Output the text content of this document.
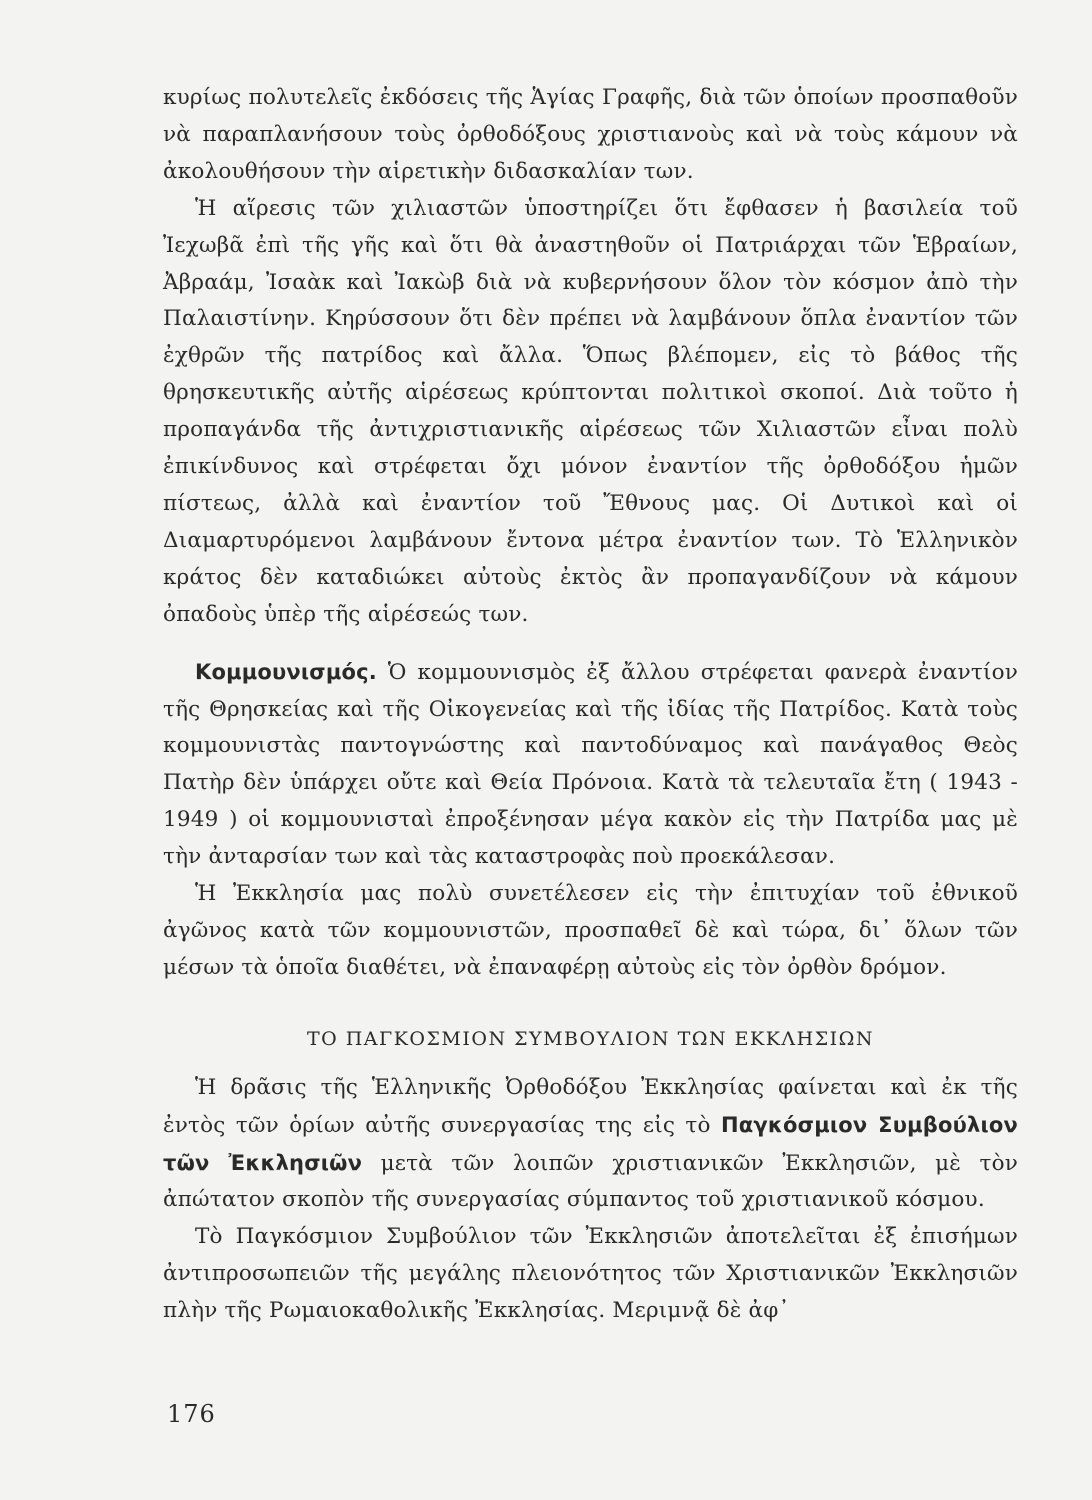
κυρίως πολυτελεῖς ἐκδόσεις τῆς Ἁγίας Γραφῆς, διὰ τῶν ὁποίων προσπαθοῦν νὰ παραπλανήσουν τοὺς ὀρθοδόξους χριστιανοὺς καὶ νὰ τοὺς κάμουν νὰ ἀκολουθήσουν τὴν αἱρετικὴν διδασκαλίαν των.

Ἡ αἵρεσις τῶν χιλιαστῶν ὑποστηρίζει ὅτι ἔφθασεν ἡ βασιλεία τοῦ Ἰεχωβᾶ ἐπὶ τῆς γῆς καὶ ὅτι θὰ ἀναστηθοῦν οἱ Πατριάρχαι τῶν Ἑβραίων, Ἀβραάμ, Ἰσαὰκ καὶ Ἰακὼβ διὰ νὰ κυβερνήσουν ὅλον τὸν κόσμον ἀπὸ τὴν Παλαιστίνην. Κηρύσσουν ὅτι δὲν πρέπει νὰ λαμβάνουν ὅπλα ἐναντίον τῶν ἐχθρῶν τῆς πατρίδος καὶ ἄλλα. Ὅπως βλέπομεν, εἰς τὸ βάθος τῆς θρησκευτικῆς αὐτῆς αἱρέσεως κρύπτονται πολιτικοὶ σκοποί. Διὰ τοῦτο ἡ προπαγάνδα τῆς ἀντιχριστιανικῆς αἱρέσεως τῶν Χιλιαστῶν εἶναι πολὺ ἐπικίνδυνος καὶ στρέφεται ὄχι μόνον ἐναντίον τῆς ὀρθοδόξου ἡμῶν πίστεως, ἀλλὰ καὶ ἐναντίον τοῦ Ἔθνους μας. Οἱ Δυτικοὶ καὶ οἱ Διαμαρτυρόμενοι λαμβάνουν ἔντονα μέτρα ἐναντίον των. Τὸ Ἑλληνικὸν κράτος δὲν καταδιώκει αὐτοὺς ἐκτὸς ἂν προπαγανδίζουν νὰ κάμουν ὀπαδοὺς ὑπὲρ τῆς αἱρέσεώς των.

Κομμουνισμός. Ὁ κομμουνισμὸς ἐξ ἄλλου στρέφεται φανερὰ ἐναντίον τῆς Θρησκείας καὶ τῆς Οἰκογενείας καὶ τῆς ἰδίας τῆς Πατρίδος. Κατὰ τοὺς κομμουνιστὰς παντογνώστης καὶ παντοδύναμος καὶ πανάγαθος Θεὸς Πατὴρ δὲν ὑπάρχει οὔτε καὶ Θεία Πρόνοια. Κατὰ τὰ τελευταῖα ἔτη ( 1943 - 1949 ) οἱ κομμουνισταὶ ἐπροξένησαν μέγα κακὸν εἰς τὴν Πατρίδα μας μὲ τὴν ἀνταρσίαν των καὶ τὰς καταστροφὰς ποὺ προεκάλεσαν.

Ἡ Ἐκκλησία μας πολὺ συνετέλεσεν εἰς τὴν ἐπιτυχίαν τοῦ ἐθνικοῦ ἀγῶνος κατὰ τῶν κομμουνιστῶν, προσπαθεῖ δὲ καὶ τώρα, δι᾿ ὅλων τῶν μέσων τὰ ὁποῖα διαθέτει, νὰ ἐπαναφέρῃ αὐτοὺς εἰς τὸν ὀρθὸν δρόμον.

ΤΟ ΠΑΓΚΟΣΜΙΟΝ ΣΥΜΒΟΥΛΙΟΝ ΤΩΝ ΕΚΚΛΗΣΙΩΝ

Ἡ δρᾶσις τῆς Ἑλληνικῆς Ὀρθοδόξου Ἐκκλησίας φαίνεται καὶ ἐκ τῆς ἐντὸς τῶν ὁρίων αὐτῆς συνεργασίας της εἰς τὸ Παγκόσμιον Συμβούλιον τῶν Ἐκκλησιῶν μετὰ τῶν λοιπῶν χριστιανικῶν Ἐκκλησιῶν, μὲ τὸν ἀπώτατον σκοπὸν τῆς συνεργασίας σύμπαντος τοῦ χριστιανικοῦ κόσμου.

Τὸ Παγκόσμιον Συμβούλιον τῶν Ἐκκλησιῶν ἀποτελεῖται ἐξ ἐπισήμων ἀντιπροσωπειῶν τῆς μεγάλης πλειονότητος τῶν Χριστιανικῶν Ἐκκλησιῶν πλὴν τῆς Ρωμαιοκαθολικῆς Ἐκκλησίας. Μεριμνᾷ δὲ ἀφ᾿

176
